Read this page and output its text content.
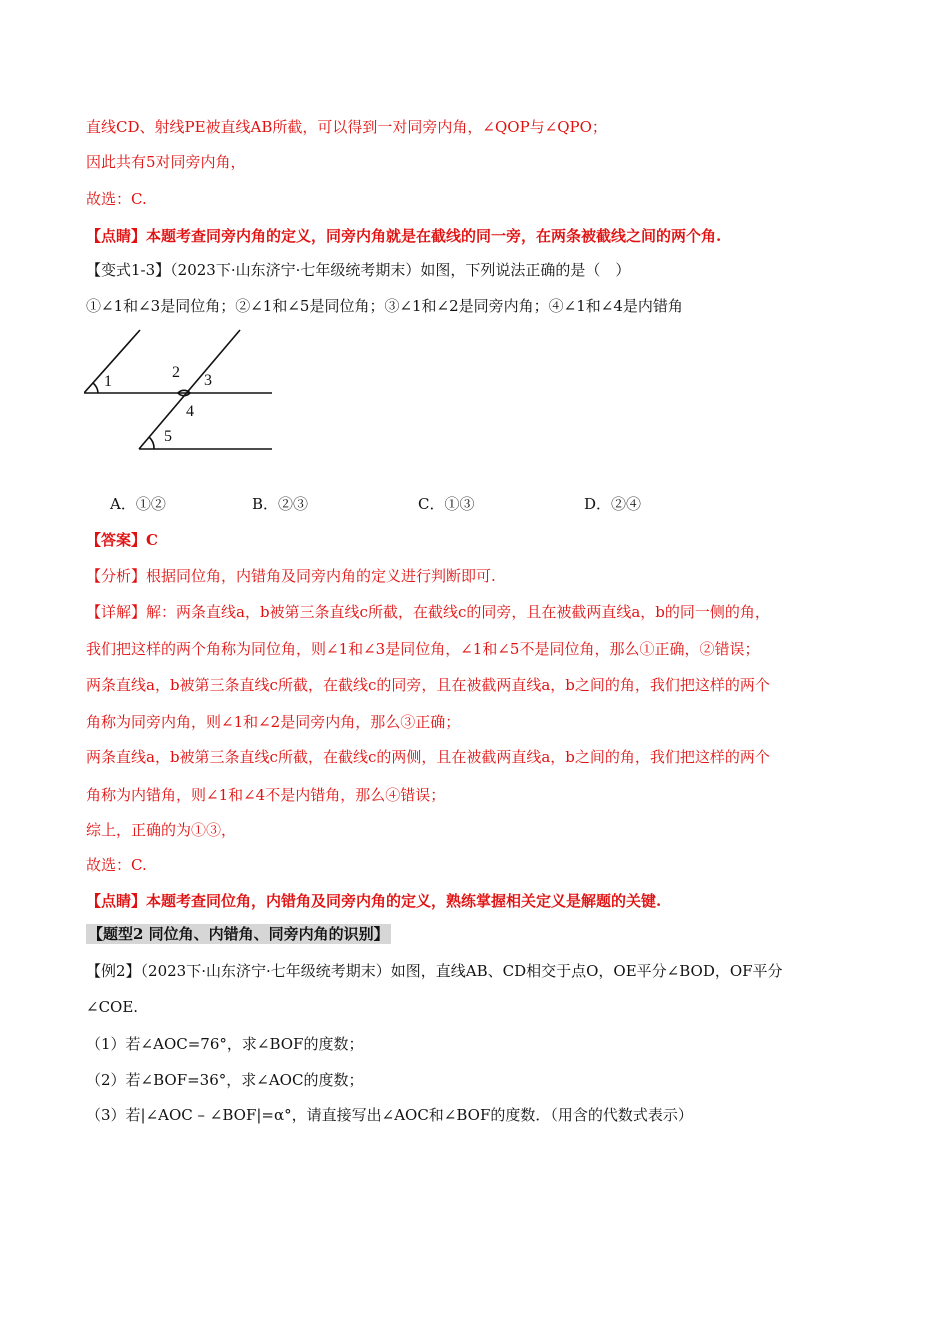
直线CD、射线PE被直线AB所截，可以得到一对同旁内角，∠QOP与∠QPO；
因此共有5对同旁内角，
故选：C.
【点睛】本题考查同旁内角的定义，同旁内角就是在截线的同一旁，在两条被截线之间的两个角.
【变式1-3】（2023下·山东济宁·七年级统考期末）如图，下列说法正确的是（　）
①∠1和∠3是同位角；②∠1和∠5是同位角；③∠1和∠2是同旁内角；④∠1和∠4是内错角
1
2 3
4
5
A．①②	B．②③	C．①③	D．②④
【答案】C
【分析】根据同位角，内错角及同旁内角的定义进行判断即可.
【详解】解：两条直线a，b被第三条直线c所截，在截线c的同旁，且在被截两直线a，b的同一侧的角，
我们把这样的两个角称为同位角，则∠1和∠3是同位角，∠1和∠5不是同位角，那么①正确，②错误；
两条直线a，b被第三条直线c所截，在截线c的同旁，且在被截两直线a，b之间的角，我们把这样的两个
角称为同旁内角，则∠1和∠2是同旁内角，那么③正确；
两条直线a，b被第三条直线c所截，在截线c的两侧，且在被截两直线a，b之间的角，我们把这样的两个
角称为内错角，则∠1和∠4不是内错角，那么④错误；
综上，正确的为①③，
故选：C.
【点睛】本题考查同位角，内错角及同旁内角的定义，熟练掌握相关定义是解题的关键.
【题型2 同位角、内错角、同旁内角的识别】
【例2】（2023下·山东济宁·七年级统考期末）如图，直线AB、CD相交于点O，OE平分∠BOD，OF平分
∠COE.
（1）若∠AOC=76°，求∠BOF的度数；
（2）若∠BOF=36°，求∠AOC的度数；
（3）若|∠AOC – ∠BOF|=α°，请直接写出∠AOC和∠BOF的度数．（用含的代数式表示）
